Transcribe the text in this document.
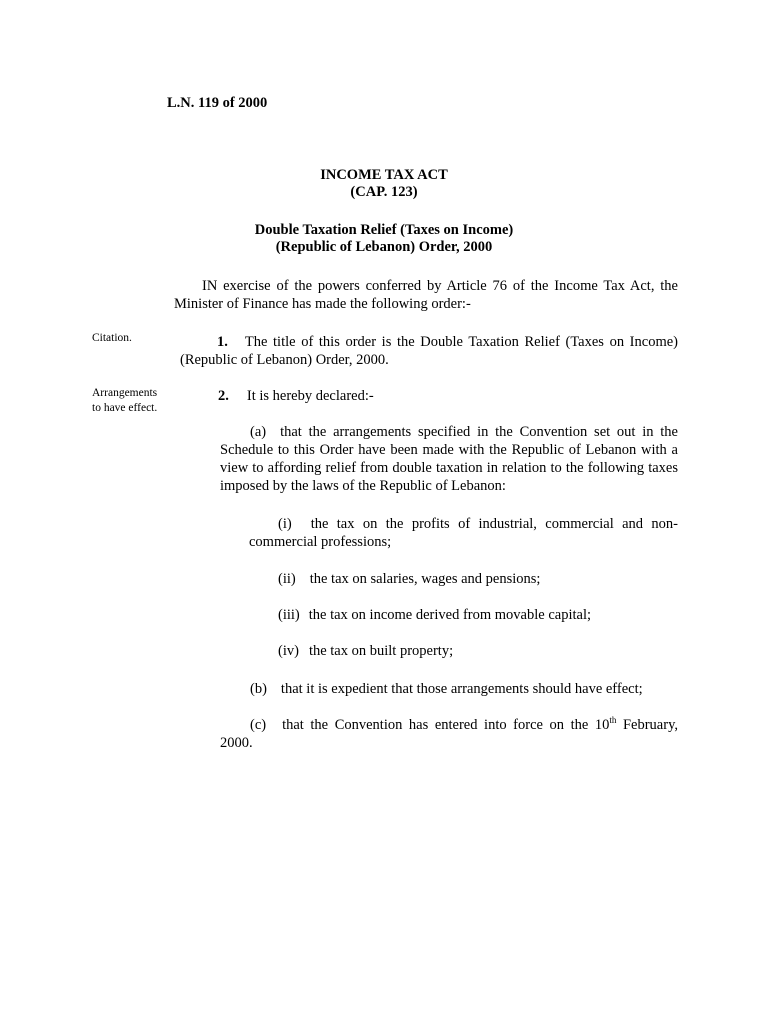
L.N. 119 of 2000
INCOME TAX ACT
(CAP. 123)
Double Taxation Relief (Taxes on Income)
(Republic of Lebanon) Order, 2000
IN exercise of the powers conferred by Article 76 of the Income Tax Act, the Minister of Finance has made the following order:-
Citation.	1. The title of this order is the Double Taxation Relief (Taxes on Income) (Republic of Lebanon) Order, 2000.
Arrangements to have effect.
2. It is hereby declared:-
(a) that the arrangements specified in the Convention set out in the Schedule to this Order have been made with the Republic of Lebanon with a view to affording relief from double taxation in relation to the following taxes imposed by the laws of the Republic of Lebanon:
(i) the tax on the profits of industrial, commercial and non-commercial professions;
(ii) the tax on salaries, wages and pensions;
(iii) the tax on income derived from movable capital;
(iv) the tax on built property;
(b) that it is expedient that those arrangements should have effect;
(c) that the Convention has entered into force on the 10th February, 2000.
